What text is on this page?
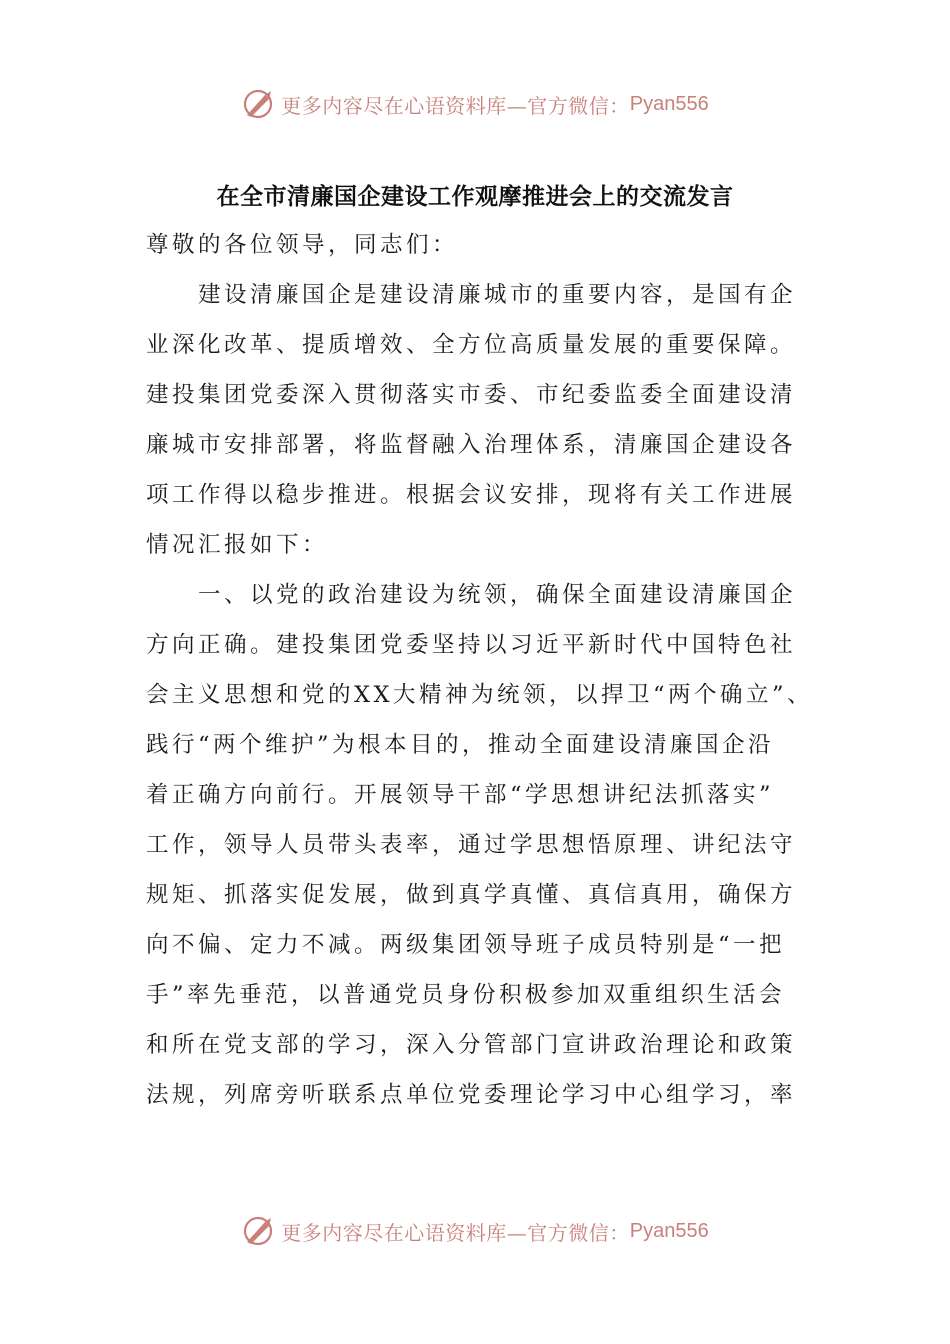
更多内容尽在心语资料库—官方微信： Pyan556
在全市清廉国企建设工作观摩推进会上的交流发言
尊敬的各位领导，同志们：
　　建设清廉国企是建设清廉城市的重要内容，是国有企
业深化改革、提质增效、全方位高质量发展的重要保障。
建投集团党委深入贯彻落实市委、市纪委监委全面建设清
廉城市安排部署，将监督融入治理体系，清廉国企建设各
项工作得以稳步推进。根据会议安排，现将有关工作进展
情况汇报如下：
　　一、以党的政治建设为统领，确保全面建设清廉国企
方向正确。建投集团党委坚持以习近平新时代中国特色社
会主义思想和党的XX大精神为统领，以捍卫“两个确立”、
践行“两个维护”为根本目的，推动全面建设清廉国企沿
着正确方向前行。开展领导干部“学思想讲纪法抓落实”
工作，领导人员带头表率，通过学思想悟原理、讲纪法守
规矩、抓落实促发展，做到真学真懂、真信真用，确保方
向不偏、定力不减。两级集团领导班子成员特别是“一把
手”率先垂范，以普通党员身份积极参加双重组织生活会
和所在党支部的学习，深入分管部门宣讲政治理论和政策
法规，列席旁听联系点单位党委理论学习中心组学习，率
更多内容尽在心语资料库—官方微信： Pyan556
